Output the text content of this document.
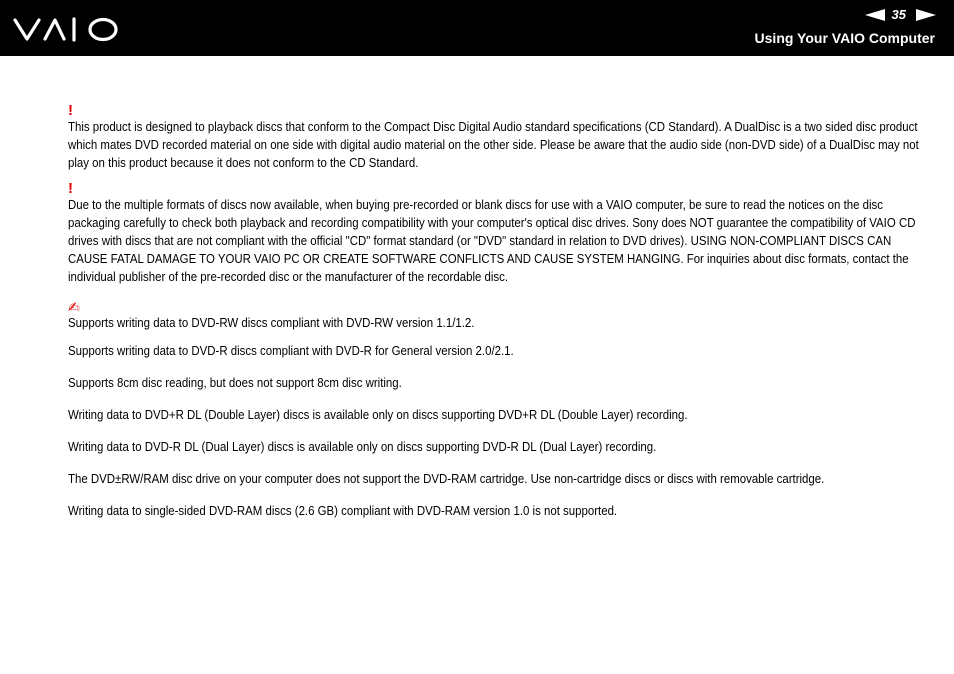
35
Using Your VAIO Computer
!

This product is designed to playback discs that conform to the Compact Disc Digital Audio standard specifications (CD Standard). A DualDisc is a two sided disc product which mates DVD recorded material on one side with digital audio material on the other side. Please be aware that the audio side (non-DVD side) of a DualDisc may not play on this product because it does not conform to the CD Standard.

!

Due to the multiple formats of discs now available, when buying pre-recorded or blank discs for use with a VAIO computer, be sure to read the notices on the disc packaging carefully to check both playback and recording compatibility with your computer's optical disc drives. Sony does NOT guarantee the compatibility of VAIO CD drives with discs that are not compliant with the official "CD" format standard (or "DVD" standard in relation to DVD drives). USING NON-COMPLIANT DISCS CAN CAUSE FATAL DAMAGE TO YOUR VAIO PC OR CREATE SOFTWARE CONFLICTS AND CAUSE SYSTEM HANGING. For inquiries about disc formats, contact the individual publisher of the pre-recorded disc or the manufacturer of the recordable disc.

✍

Supports writing data to DVD-RW discs compliant with DVD-RW version 1.1/1.2.

Supports writing data to DVD-R discs compliant with DVD-R for General version 2.0/2.1.

Supports 8cm disc reading, but does not support 8cm disc writing.

Writing data to DVD+R DL (Double Layer) discs is available only on discs supporting DVD+R DL (Double Layer) recording.

Writing data to DVD-R DL (Dual Layer) discs is available only on discs supporting DVD-R DL (Dual Layer) recording.

The DVD±RW/RAM disc drive on your computer does not support the DVD-RAM cartridge. Use non-cartridge discs or discs with removable cartridge.

Writing data to single-sided DVD-RAM discs (2.6 GB) compliant with DVD-RAM version 1.0 is not supported.
